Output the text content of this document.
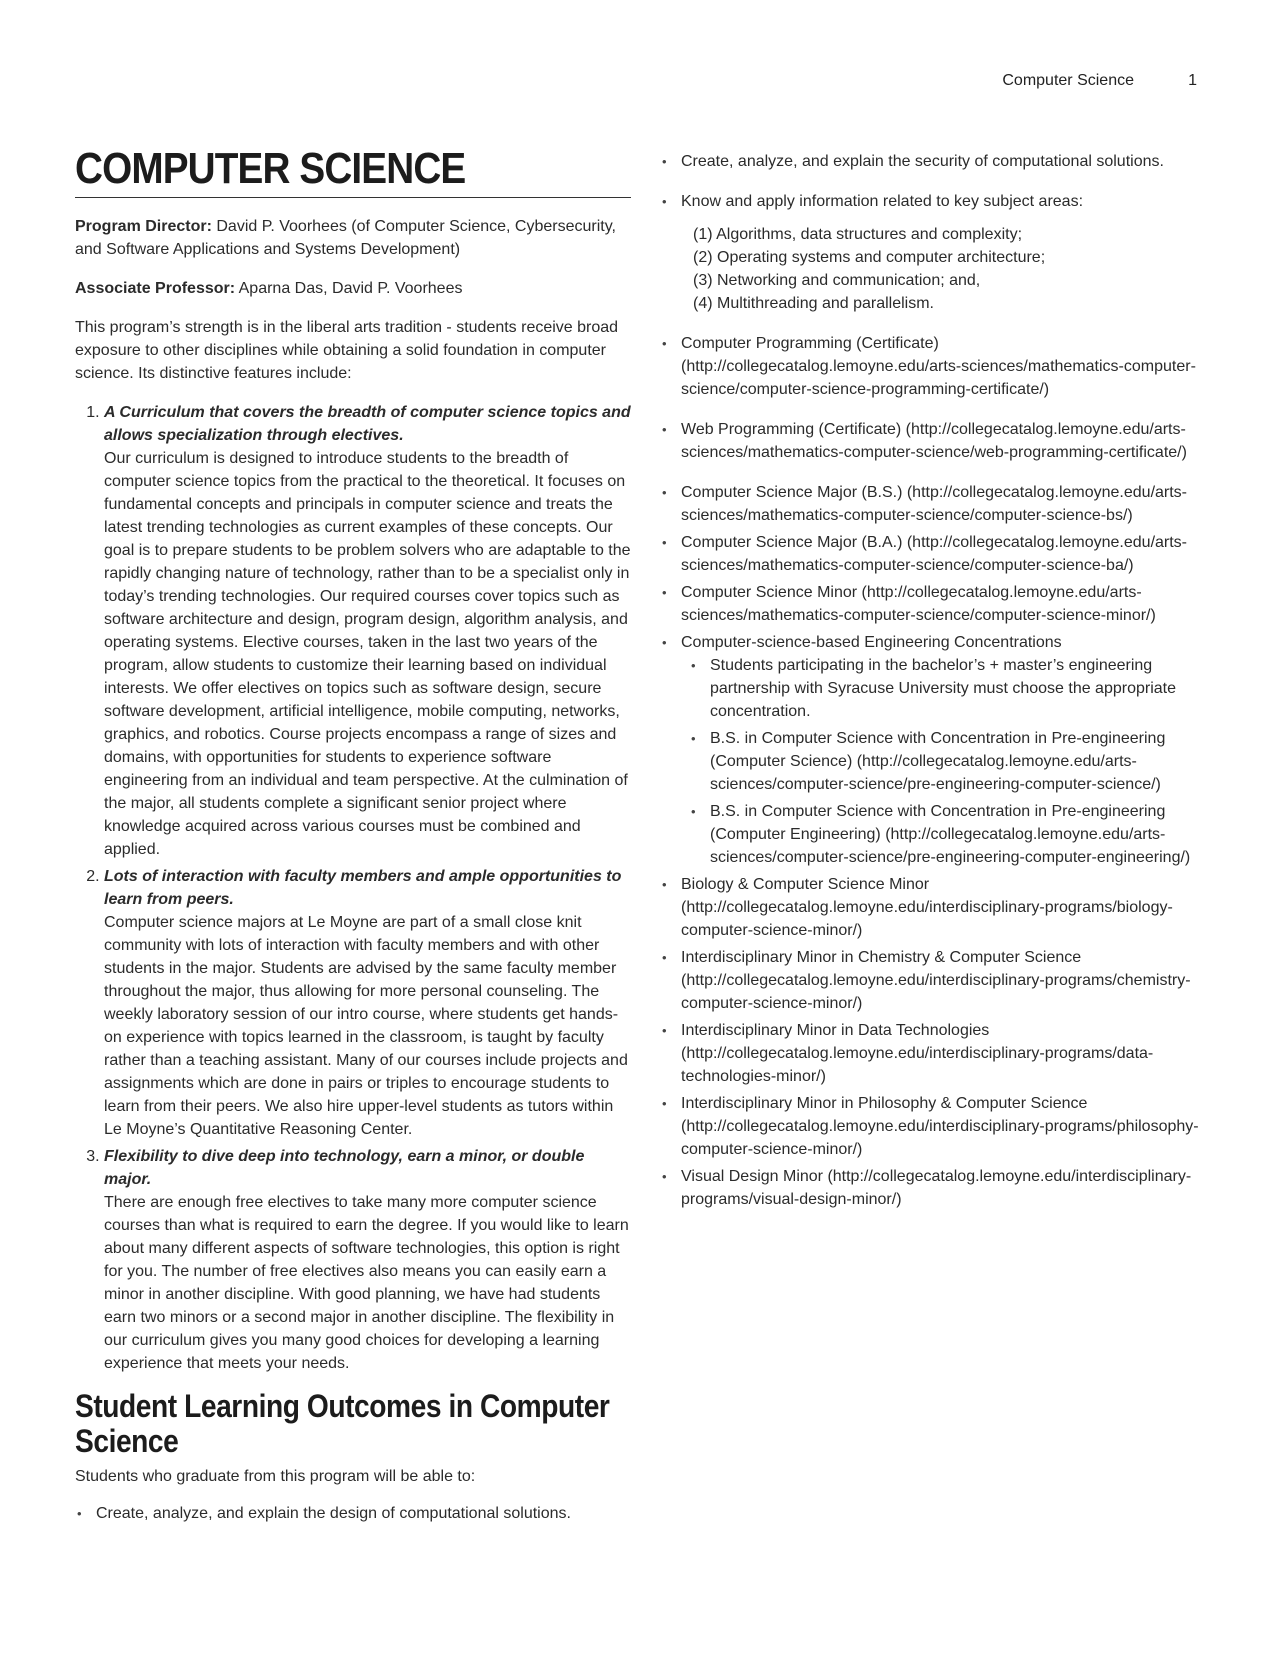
Computer Science	1
COMPUTER SCIENCE

Program Director: David P. Voorhees (of Computer Science, Cybersecurity, and Software Applications and Systems Development)

Associate Professor: Aparna Das, David P. Voorhees

This program’s strength is in the liberal arts tradition - students receive broad exposure to other disciplines while obtaining a solid foundation in computer science. Its distinctive features include:

1. A Curriculum that covers the breadth of computer science topics and allows specialization through electives.
Our curriculum is designed to introduce students to the breadth of computer science topics from the practical to the theoretical. It focuses on fundamental concepts and principals in computer science and treats the latest trending technologies as current examples of these concepts. Our goal is to prepare students to be problem solvers who are adaptable to the rapidly changing nature of technology, rather than to be a specialist only in today’s trending technologies. Our required courses cover topics such as software architecture and design, program design, algorithm analysis, and operating systems. Elective courses, taken in the last two years of the program, allow students to customize their learning based on individual interests. We offer electives on topics such as software design, secure software development, artificial intelligence, mobile computing, networks, graphics, and robotics. Course projects encompass a range of sizes and domains, with opportunities for students to experience software engineering from an individual and team perspective. At the culmination of the major, all students complete a significant senior project where knowledge acquired across various courses must be combined and applied.
2. Lots of interaction with faculty members and ample opportunities to learn from peers.
Computer science majors at Le Moyne are part of a small close knit community with lots of interaction with faculty members and with other students in the major. Students are advised by the same faculty member throughout the major, thus allowing for more personal counseling. The weekly laboratory session of our intro course, where students get hands-on experience with topics learned in the classroom, is taught by faculty rather than a teaching assistant. Many of our courses include projects and assignments which are done in pairs or triples to encourage students to learn from their peers. We also hire upper-level students as tutors within Le Moyne’s Quantitative Reasoning Center.
3. Flexibility to dive deep into technology, earn a minor, or double major.
There are enough free electives to take many more computer science courses than what is required to earn the degree. If you would like to learn about many different aspects of software technologies, this option is right for you. The number of free electives also means you can easily earn a minor in another discipline. With good planning, we have had students earn two minors or a second major in another discipline. The flexibility in our curriculum gives you many good choices for developing a learning experience that meets your needs.
Student Learning Outcomes in Computer Science

Students who graduate from this program will be able to:

• Create, analyze, and explain the design of computational solutions.
• Create, analyze, and explain the security of computational solutions.
• Know and apply information related to key subject areas:
(1) Algorithms, data structures and complexity;
(2) Operating systems and computer architecture;
(3) Networking and communication; and,
(4) Multithreading and parallelism.
• Computer Programming (Certificate) (http://collegecatalog.lemoyne.edu/arts-sciences/mathematics-computer-science/computer-science-programming-certificate/)
• Web Programming (Certificate) (http://collegecatalog.lemoyne.edu/arts-sciences/mathematics-computer-science/web-programming-certificate/)
• Computer Science Major (B.S.) (http://collegecatalog.lemoyne.edu/arts-sciences/mathematics-computer-science/computer-science-bs/)
• Computer Science Major (B.A.) (http://collegecatalog.lemoyne.edu/arts-sciences/mathematics-computer-science/computer-science-ba/)
• Computer Science Minor (http://collegecatalog.lemoyne.edu/arts-sciences/mathematics-computer-science/computer-science-minor/)
• Computer-science-based Engineering Concentrations
• Students participating in the bachelor’s + master’s engineering partnership with Syracuse University must choose the appropriate concentration.
• B.S. in Computer Science with Concentration in Pre-engineering (Computer Science) (http://collegecatalog.lemoyne.edu/arts-sciences/computer-science/pre-engineering-computer-science/)
• B.S. in Computer Science with Concentration in Pre-engineering (Computer Engineering) (http://collegecatalog.lemoyne.edu/arts-sciences/computer-science/pre-engineering-computer-engineering/)
• Biology & Computer Science Minor (http://collegecatalog.lemoyne.edu/interdisciplinary-programs/biology-computer-science-minor/)
• Interdisciplinary Minor in Chemistry & Computer Science (http://collegecatalog.lemoyne.edu/interdisciplinary-programs/chemistry-computer-science-minor/)
• Interdisciplinary Minor in Data Technologies (http://collegecatalog.lemoyne.edu/interdisciplinary-programs/data-technologies-minor/)
• Interdisciplinary Minor in Philosophy & Computer Science (http://collegecatalog.lemoyne.edu/interdisciplinary-programs/philosophy-computer-science-minor/)
• Visual Design Minor (http://collegecatalog.lemoyne.edu/interdisciplinary-programs/visual-design-minor/)
